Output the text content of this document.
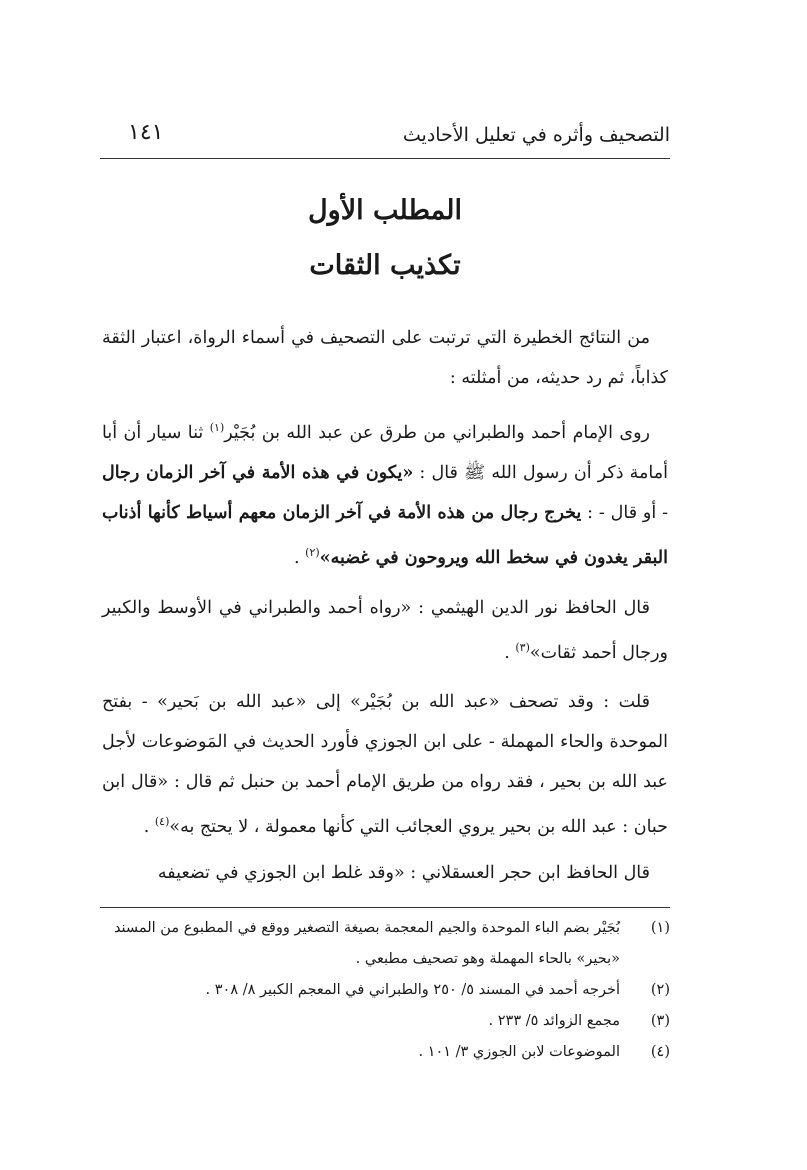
التصحيف وأثره في تعليل الأحاديث
١٤١
المطلب الأول
تكذيب الثقات

من النتائج الخطيرة التي ترتبت على التصحيف في أسماء الرواة، اعتبار الثقة كذاباً، ثم رد حديثه، من أمثلته :

روى الإمام أحمد والطبراني من طرق عن عبد الله بن بُجَيْر$^{(١)}$ ثنا سيار أن أبا أمامة ذكر أن رسول الله ﷺ قال : «يكون في هذه الأمة في آخر الزمان رجال - أو قال - : يخرج رجال من هذه الأمة في آخر الزمان معهم أسياط كأنها أذناب البقر يغدون في سخط الله ويروحون في غضبه»$^{(٢)}$ .

قال الحافظ نور الدين الهيثمي : «رواه أحمد والطبراني في الأوسط والكبير ورجال أحمد ثقات»$^{(٣)}$ .

قلت : وقد تصحف «عبد الله بن بُجَيْر» إلى «عبد الله بن بَحير» - بفتح الموحدة والحاء المهملة - على ابن الجوزي فأورد الحديث في المَوضوعات لأجل عبد الله بن بحير ، فقد رواه من طريق الإمام أحمد بن حنبل ثم قال : «قال ابن حبان : عبد الله بن بحير يروي العجائب التي كأنها معمولة ، لا يحتج به»$^{(٤)}$ .

قال الحافظ ابن حجر العسقلاني : «وقد غلط ابن الجوزي في تضعيفه

(١)
بُجَيْر بضم الباء الموحدة والجيم المعجمة بصيغة التصغير ووقع في المطبوع من المسند «بحير» بالحاء المهملة وهو تصحيف مطبعي .
(٢)
أخرجه أحمد في المسند ٥/ ٢٥٠ والطبراني في المعجم الكبير ٨/ ٣٠٨ .
(٣)
مجمع الزوائد ٥/ ٢٣٣ .
(٤)
الموضوعات لابن الجوزي ٣/ ١٠١ .
